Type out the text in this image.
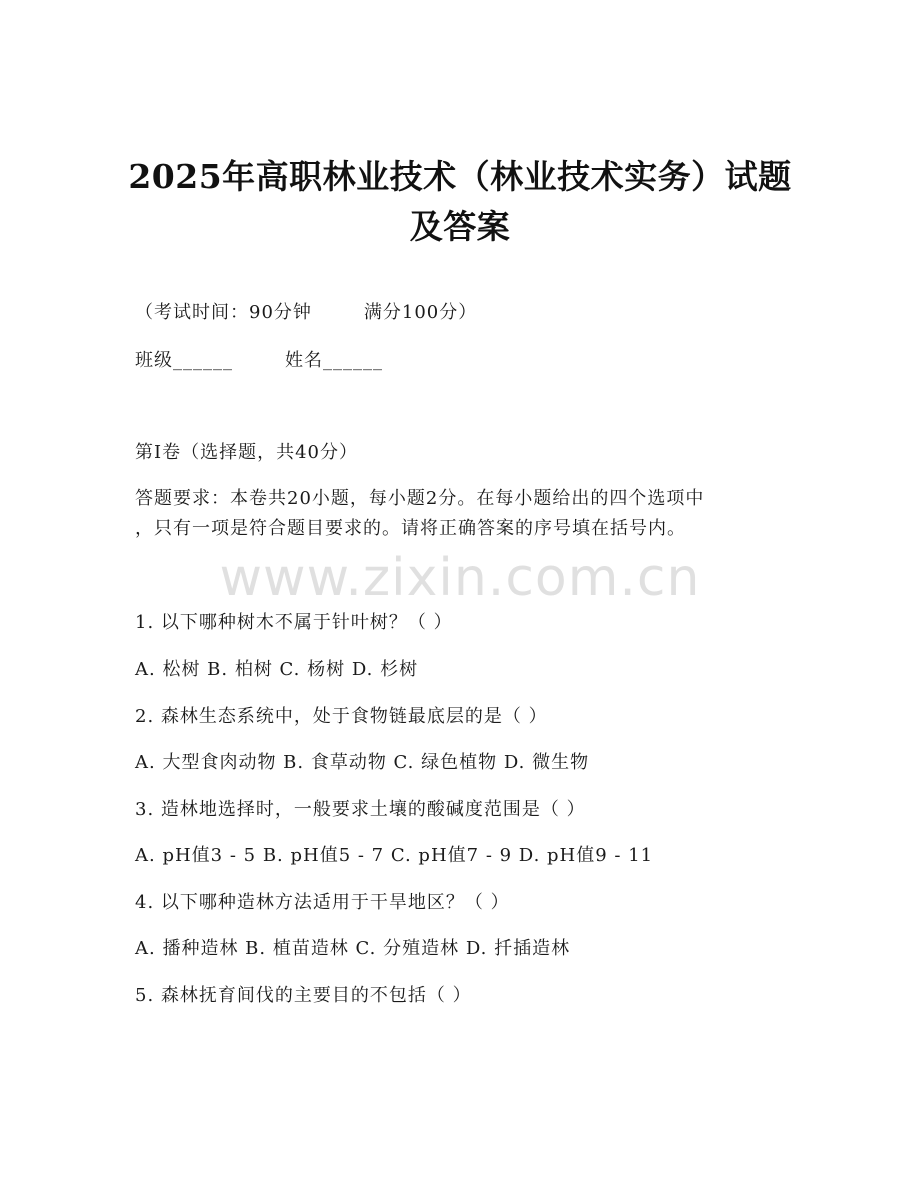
2025年高职林业技术（林业技术实务）试题
及答案
（考试时间：90分钟	满分100分）
班级______	姓名______
第I卷（选择题，共40分）
答题要求：本卷共20小题，每小题2分。在每小题给出的四个选项中
，只有一项是符合题目要求的。请将正确答案的序号填在括号内。
www.zixin.com.cn
1. 以下哪种树木不属于针叶树？（ ）
A. 松树 B. 柏树 C. 杨树 D. 杉树
2. 森林生态系统中，处于食物链最底层的是（ ）
A. 大型食肉动物 B. 食草动物 C. 绿色植物 D. 微生物
3. 造林地选择时，一般要求土壤的酸碱度范围是（ ）
A. pH值3 - 5 B. pH值5 - 7 C. pH值7 - 9 D. pH值9 - 11
4. 以下哪种造林方法适用于干旱地区？（ ）
A. 播种造林 B. 植苗造林 C. 分殖造林 D. 扦插造林
5. 森林抚育间伐的主要目的不包括（ ）
